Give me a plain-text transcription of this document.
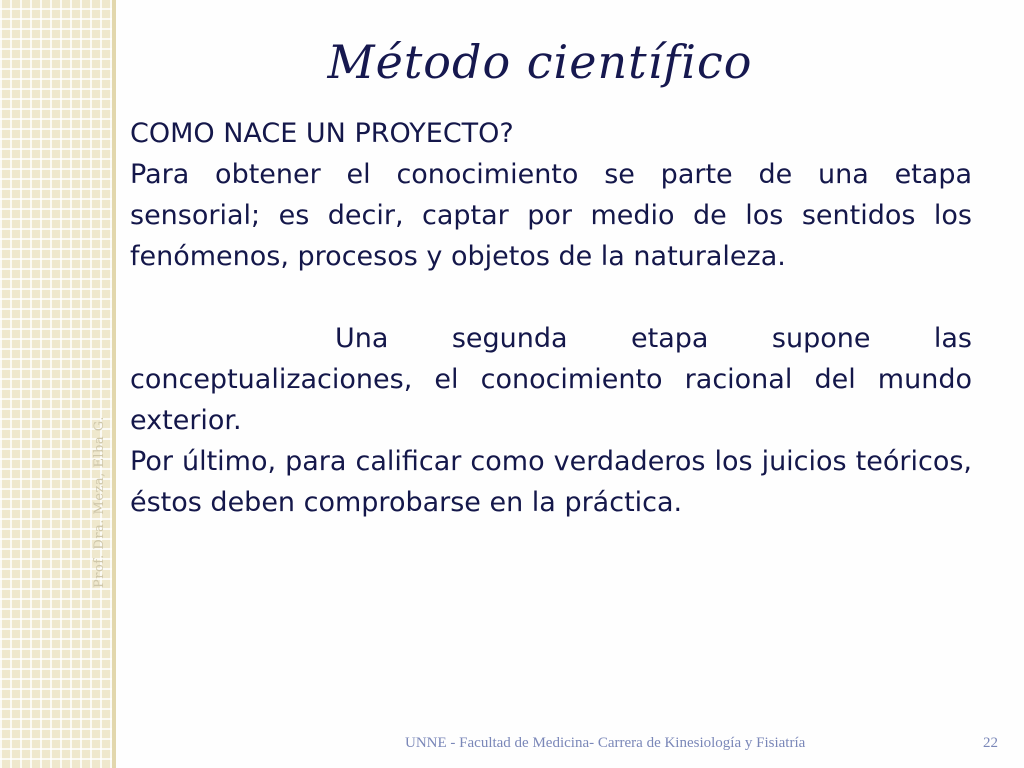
Prof. Dra. Meza, Elba G.
Método científico

COMO NACE UN PROYECTO?

Para obtener el conocimiento se parte de una etapa sensorial; es decir, captar por medio de los sentidos los fenómenos, procesos y objetos de la naturaleza.

Una segunda etapa supone las conceptualizaciones, el conocimiento racional del mundo exterior.

Por último, para calificar como verdaderos los juicios teóricos, éstos deben comprobarse en la práctica.

UNNE - Facultad de Medicina- Carrera de Kinesiología y Fisiatría	22
